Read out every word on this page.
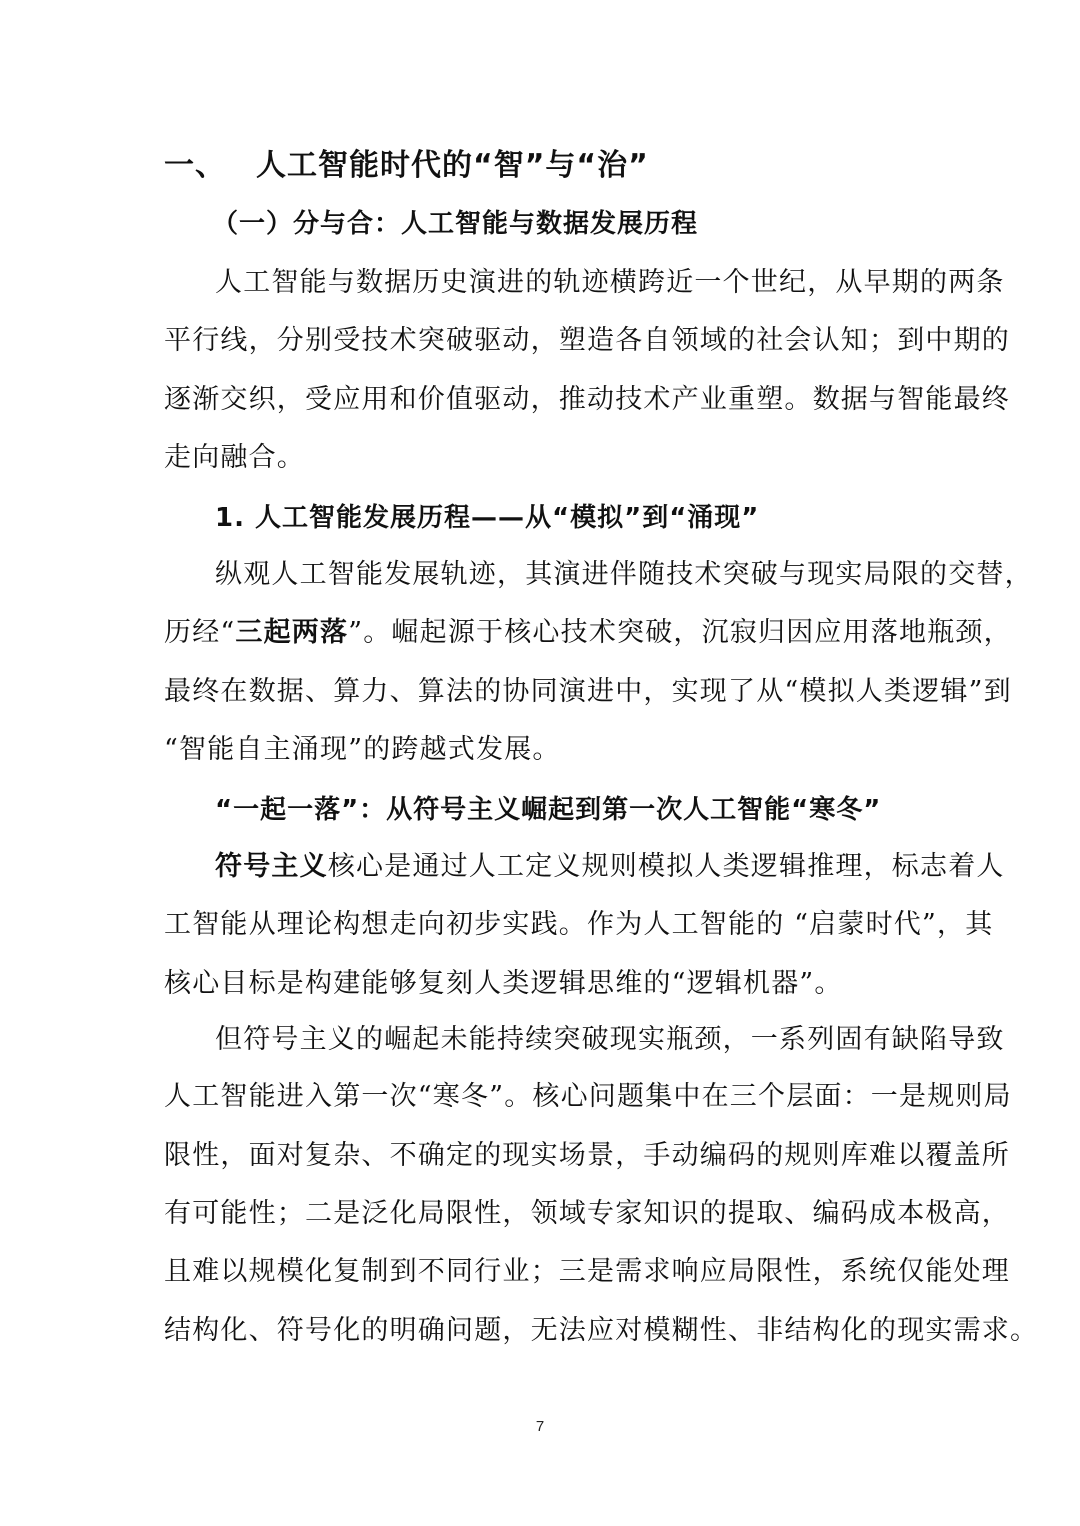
一、 人工智能时代的“智”与“治”
（一）分与合：人工智能与数据发展历程
人工智能与数据历史演进的轨迹横跨近一个世纪，从早期的两条
平行线，分别受技术突破驱动，塑造各自领域的社会认知；到中期的
逐渐交织，受应用和价值驱动，推动技术产业重塑。数据与智能最终
走向融合。
1. 人工智能发展历程——从“模拟”到“涌现”
纵观人工智能发展轨迹，其演进伴随技术突破与现实局限的交替，
历经“三起两落”。崛起源于核心技术突破，沉寂归因应用落地瓶颈，
最终在数据、算力、算法的协同演进中，实现了从“模拟人类逻辑”到
“智能自主涌现”的跨越式发展。
“一起一落”：从符号主义崛起到第一次人工智能“寒冬”
符号主义核心是通过人工定义规则模拟人类逻辑推理，标志着人
工智能从理论构想走向初步实践。作为人工智能的 “启蒙时代”，其
核心目标是构建能够复刻人类逻辑思维的“逻辑机器”。
但符号主义的崛起未能持续突破现实瓶颈，一系列固有缺陷导致
人工智能进入第一次“寒冬”。核心问题集中在三个层面：一是规则局
限性，面对复杂、不确定的现实场景，手动编码的规则库难以覆盖所
有可能性；二是泛化局限性，领域专家知识的提取、编码成本极高，
且难以规模化复制到不同行业；三是需求响应局限性，系统仅能处理
结构化、符号化的明确问题，无法应对模糊性、非结构化的现实需求。
7
